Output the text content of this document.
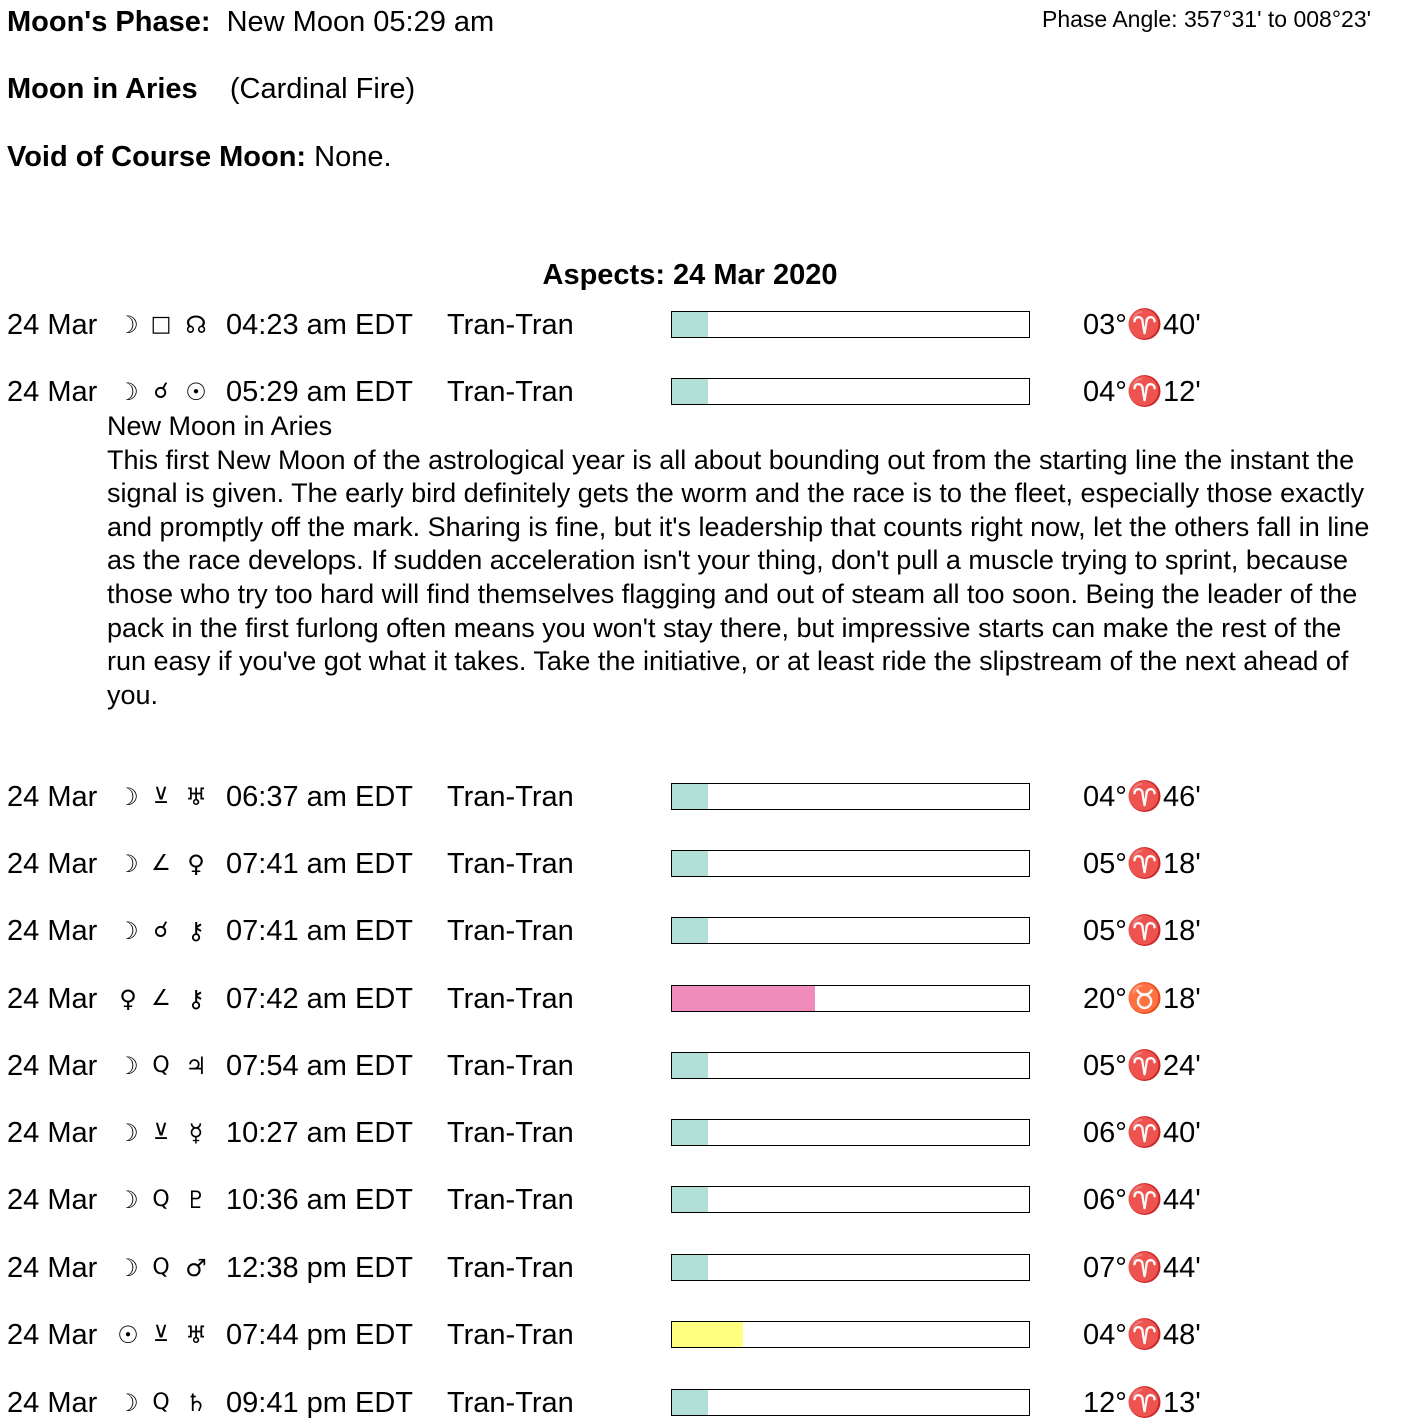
Moon's Phase: New Moon 05:29 am	Phase Angle: 357°31' to 008°23'
Moon in Aries (Cardinal Fire)
Void of Course Moon: None.
Aspects: 24 Mar 2020
24 Mar ☽ □ ☊ 04:23 am EDT Tran-Tran	03°♈40'
24 Mar ☽ ☌ ☉ 05:29 am EDT Tran-Tran	04°♈12'
24 Mar ☽ ⊻ ♅ 06:37 am EDT Tran-Tran	04°♈46'
24 Mar ☽ ∠ ♀ 07:41 am EDT Tran-Tran	05°♈18'
24 Mar ☽ ☌ ⚷ 07:41 am EDT Tran-Tran	05°♈18'
24 Mar ♀ ∠ ⚷ 07:42 am EDT Tran-Tran	20°♉18'
24 Mar ☽ Q ♃ 07:54 am EDT Tran-Tran	05°♈24'
24 Mar ☽ ⊻ ☿ 10:27 am EDT Tran-Tran	06°♈40'
24 Mar ☽ Q ♇ 10:36 am EDT Tran-Tran	06°♈44'
24 Mar ☽ Q ♂ 12:38 pm EDT Tran-Tran	07°♈44'
24 Mar ☉ ⊻ ♅ 07:44 pm EDT Tran-Tran	04°♈48'
24 Mar ☽ Q ♄ 09:41 pm EDT Tran-Tran	12°♈13'

New Moon in Aries

This first New Moon of the astrological year is all about bounding out from the starting line the instant the signal is given. The early bird definitely gets the worm and the race is to the fleet, especially those exactly and promptly off the mark. Sharing is fine, but it's leadership that counts right now, let the others fall in line as the race develops. If sudden acceleration isn't your thing, don't pull a muscle trying to sprint, because those who try too hard will find themselves flagging and out of steam all too soon. Being the leader of the pack in the first furlong often means you won't stay there, but impressive starts can make the rest of the run easy if you've got what it takes. Take the initiative, or at least ride the slipstream of the next ahead of you.
